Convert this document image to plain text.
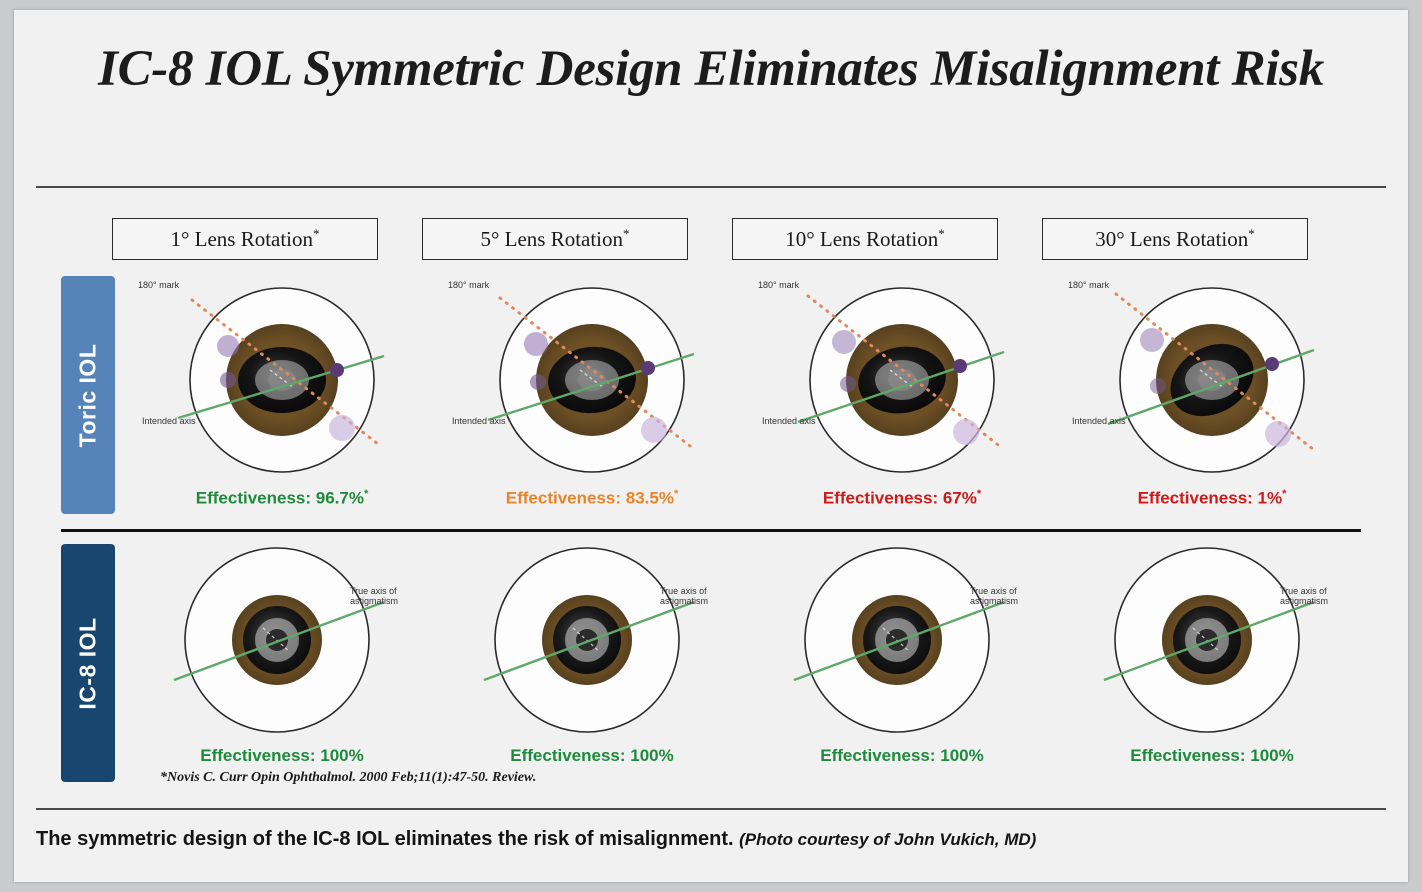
IC-8 IOL Symmetric Design Eliminates Misalignment Risk
1° Lens Rotation*	5° Lens Rotation*	10° Lens Rotation*	30° Lens Rotation*
Toric IOL
IC-8 IOL
180° mark
Intended axis
Effectiveness: 96.7%*
180° mark
Intended axis
Effectiveness: 83.5%*
180° mark
Intended axis
Effectiveness: 67%*
180° mark
Intended axis
Effectiveness: 1%*
True axis of
astigmatism
Effectiveness: 100%
True axis of
astigmatism
Effectiveness: 100%
True axis of
astigmatism
Effectiveness: 100%
True axis of
astigmatism
Effectiveness: 100%
*Novis C. Curr Opin Ophthalmol. 2000 Feb;11(1):47-50. Review.
The symmetric design of the IC-8 IOL eliminates the risk of misalignment. (Photo courtesy of John Vukich, MD)
